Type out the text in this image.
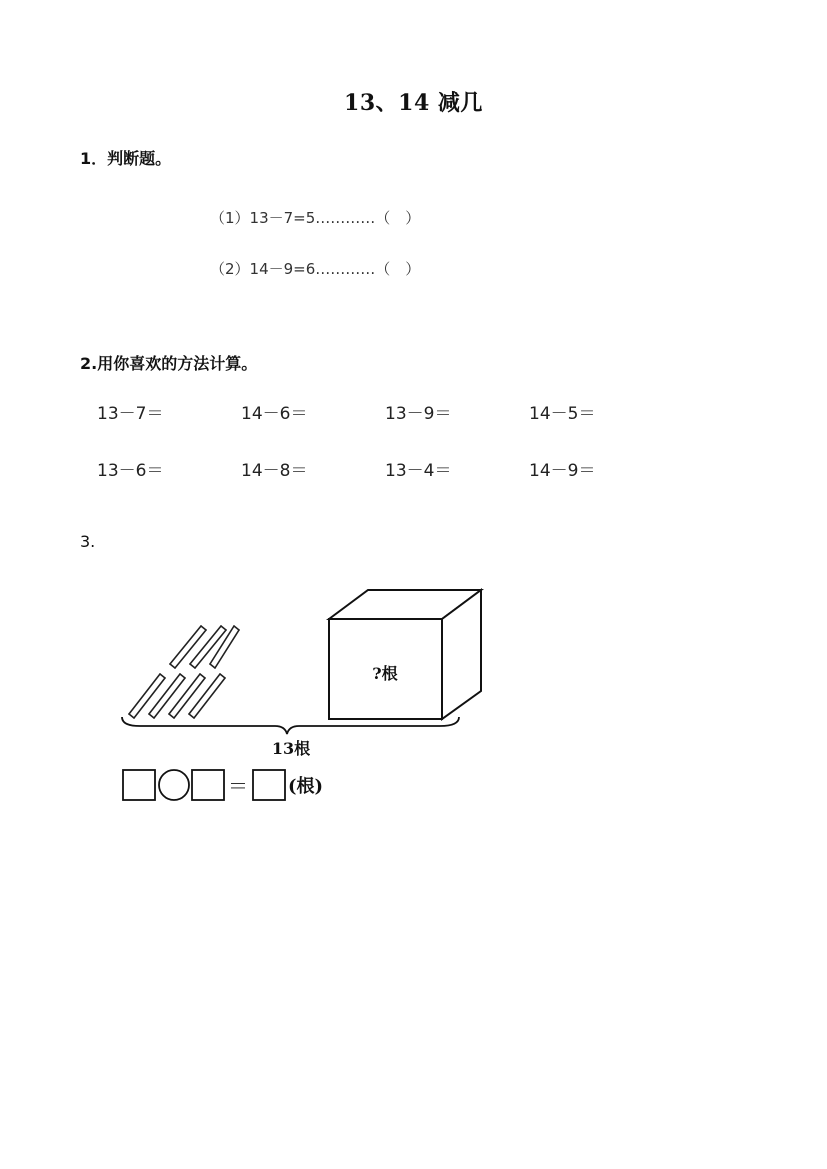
13、14 减几
1．判断题。
（1）13－7=5…………（　）
（2）14－9=6…………（　）
2.用你喜欢的方法计算。
13－7＝	14－6＝	13－9＝	14－5＝
13－6＝	14－8＝	13－4＝	14－9＝
3.
?根
13根
＝ (根)
